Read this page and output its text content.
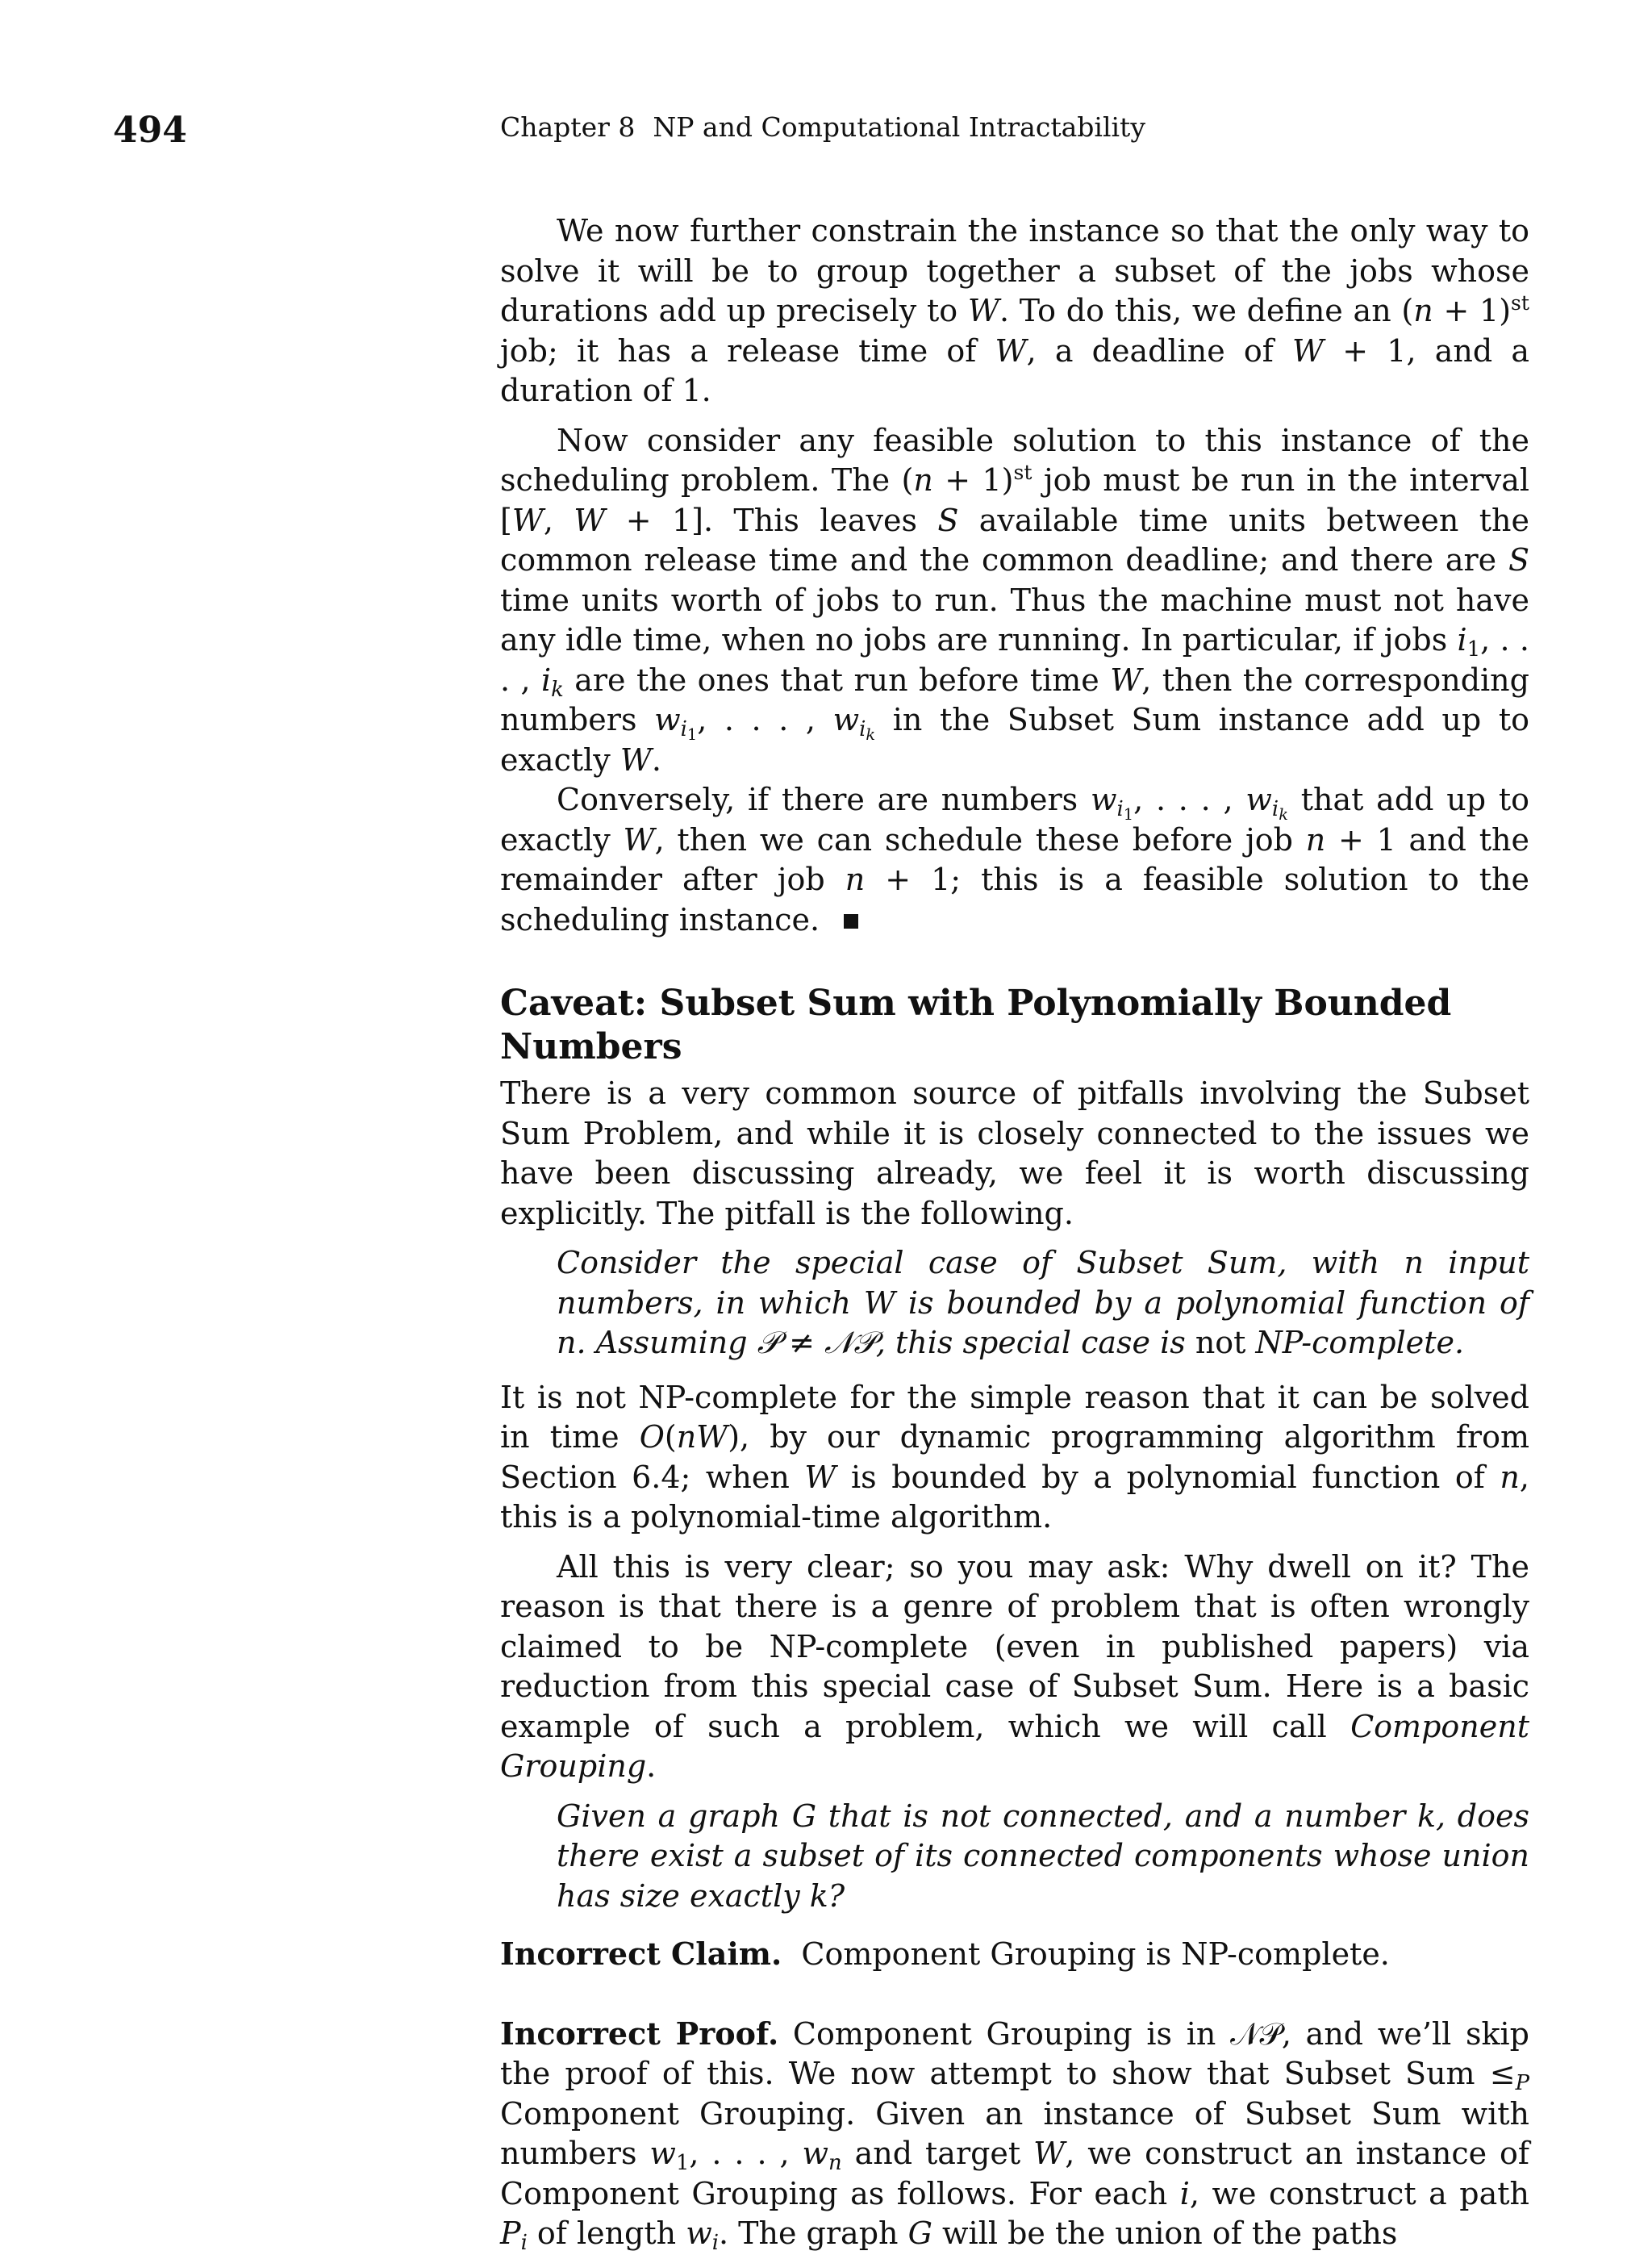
494	Chapter 8 NP and Computational Intractability

We now further constrain the instance so that the only way to solve it will be to group together a subset of the jobs whose durations add up precisely to W. To do this, we define an $(n + 1)^{st}$ job; it has a release time of W, a deadline of W + 1, and a duration of 1.

Now consider any feasible solution to this instance of the scheduling problem. The $(n + 1)^{st}$ job must be run in the interval [W, W + 1]. This leaves S available time units between the common release time and the common deadline; and there are S time units worth of jobs to run. Thus the machine must not have any idle time, when no jobs are running. In particular, if jobs $i_1$, . . . , $i_k$ are the ones that run before time W, then the corresponding numbers $w_{i1}$, . . . , $w_{ik}$ in the Subset Sum instance add up to exactly W.

Conversely, if there are numbers $w_{i1}$, . . . , $w_{ik}$ that add up to exactly W, then we can schedule these before job n + 1 and the remainder after job n + 1; this is a feasible solution to the scheduling instance.

Caveat: Subset Sum with Polynomially Bounded Numbers

There is a very common source of pitfalls involving the Subset Sum Problem, and while it is closely connected to the issues we have been discussing already, we feel it is worth discussing explicitly. The pitfall is the following.

Consider the special case of Subset Sum, with n input numbers, in which W is bounded by a polynomial function of n. Assuming 𝒫 ≠ 𝒩𝒫, this special case is not NP-complete.

It is not NP-complete for the simple reason that it can be solved in time O(nW), by our dynamic programming algorithm from Section 6.4; when W is bounded by a polynomial function of n, this is a polynomial-time algorithm.

All this is very clear; so you may ask: Why dwell on it? The reason is that there is a genre of problem that is often wrongly claimed to be NP-complete (even in published papers) via reduction from this special case of Subset Sum. Here is a basic example of such a problem, which we will call Component Grouping.

Given a graph G that is not connected, and a number k, does there exist a subset of its connected components whose union has size exactly k?

Incorrect Claim. Component Grouping is NP-complete.

Incorrect Proof. Component Grouping is in 𝒩𝒫, and we’ll skip the proof of this. We now attempt to show that Subset Sum $\le_P$ Component Grouping. Given an instance of Subset Sum with numbers $w_1$, . . . , $w_n$ and target W, we construct an instance of Component Grouping as follows. For each i, we construct a path $P_i$ of length $w_i$. The graph G will be the union of the paths
